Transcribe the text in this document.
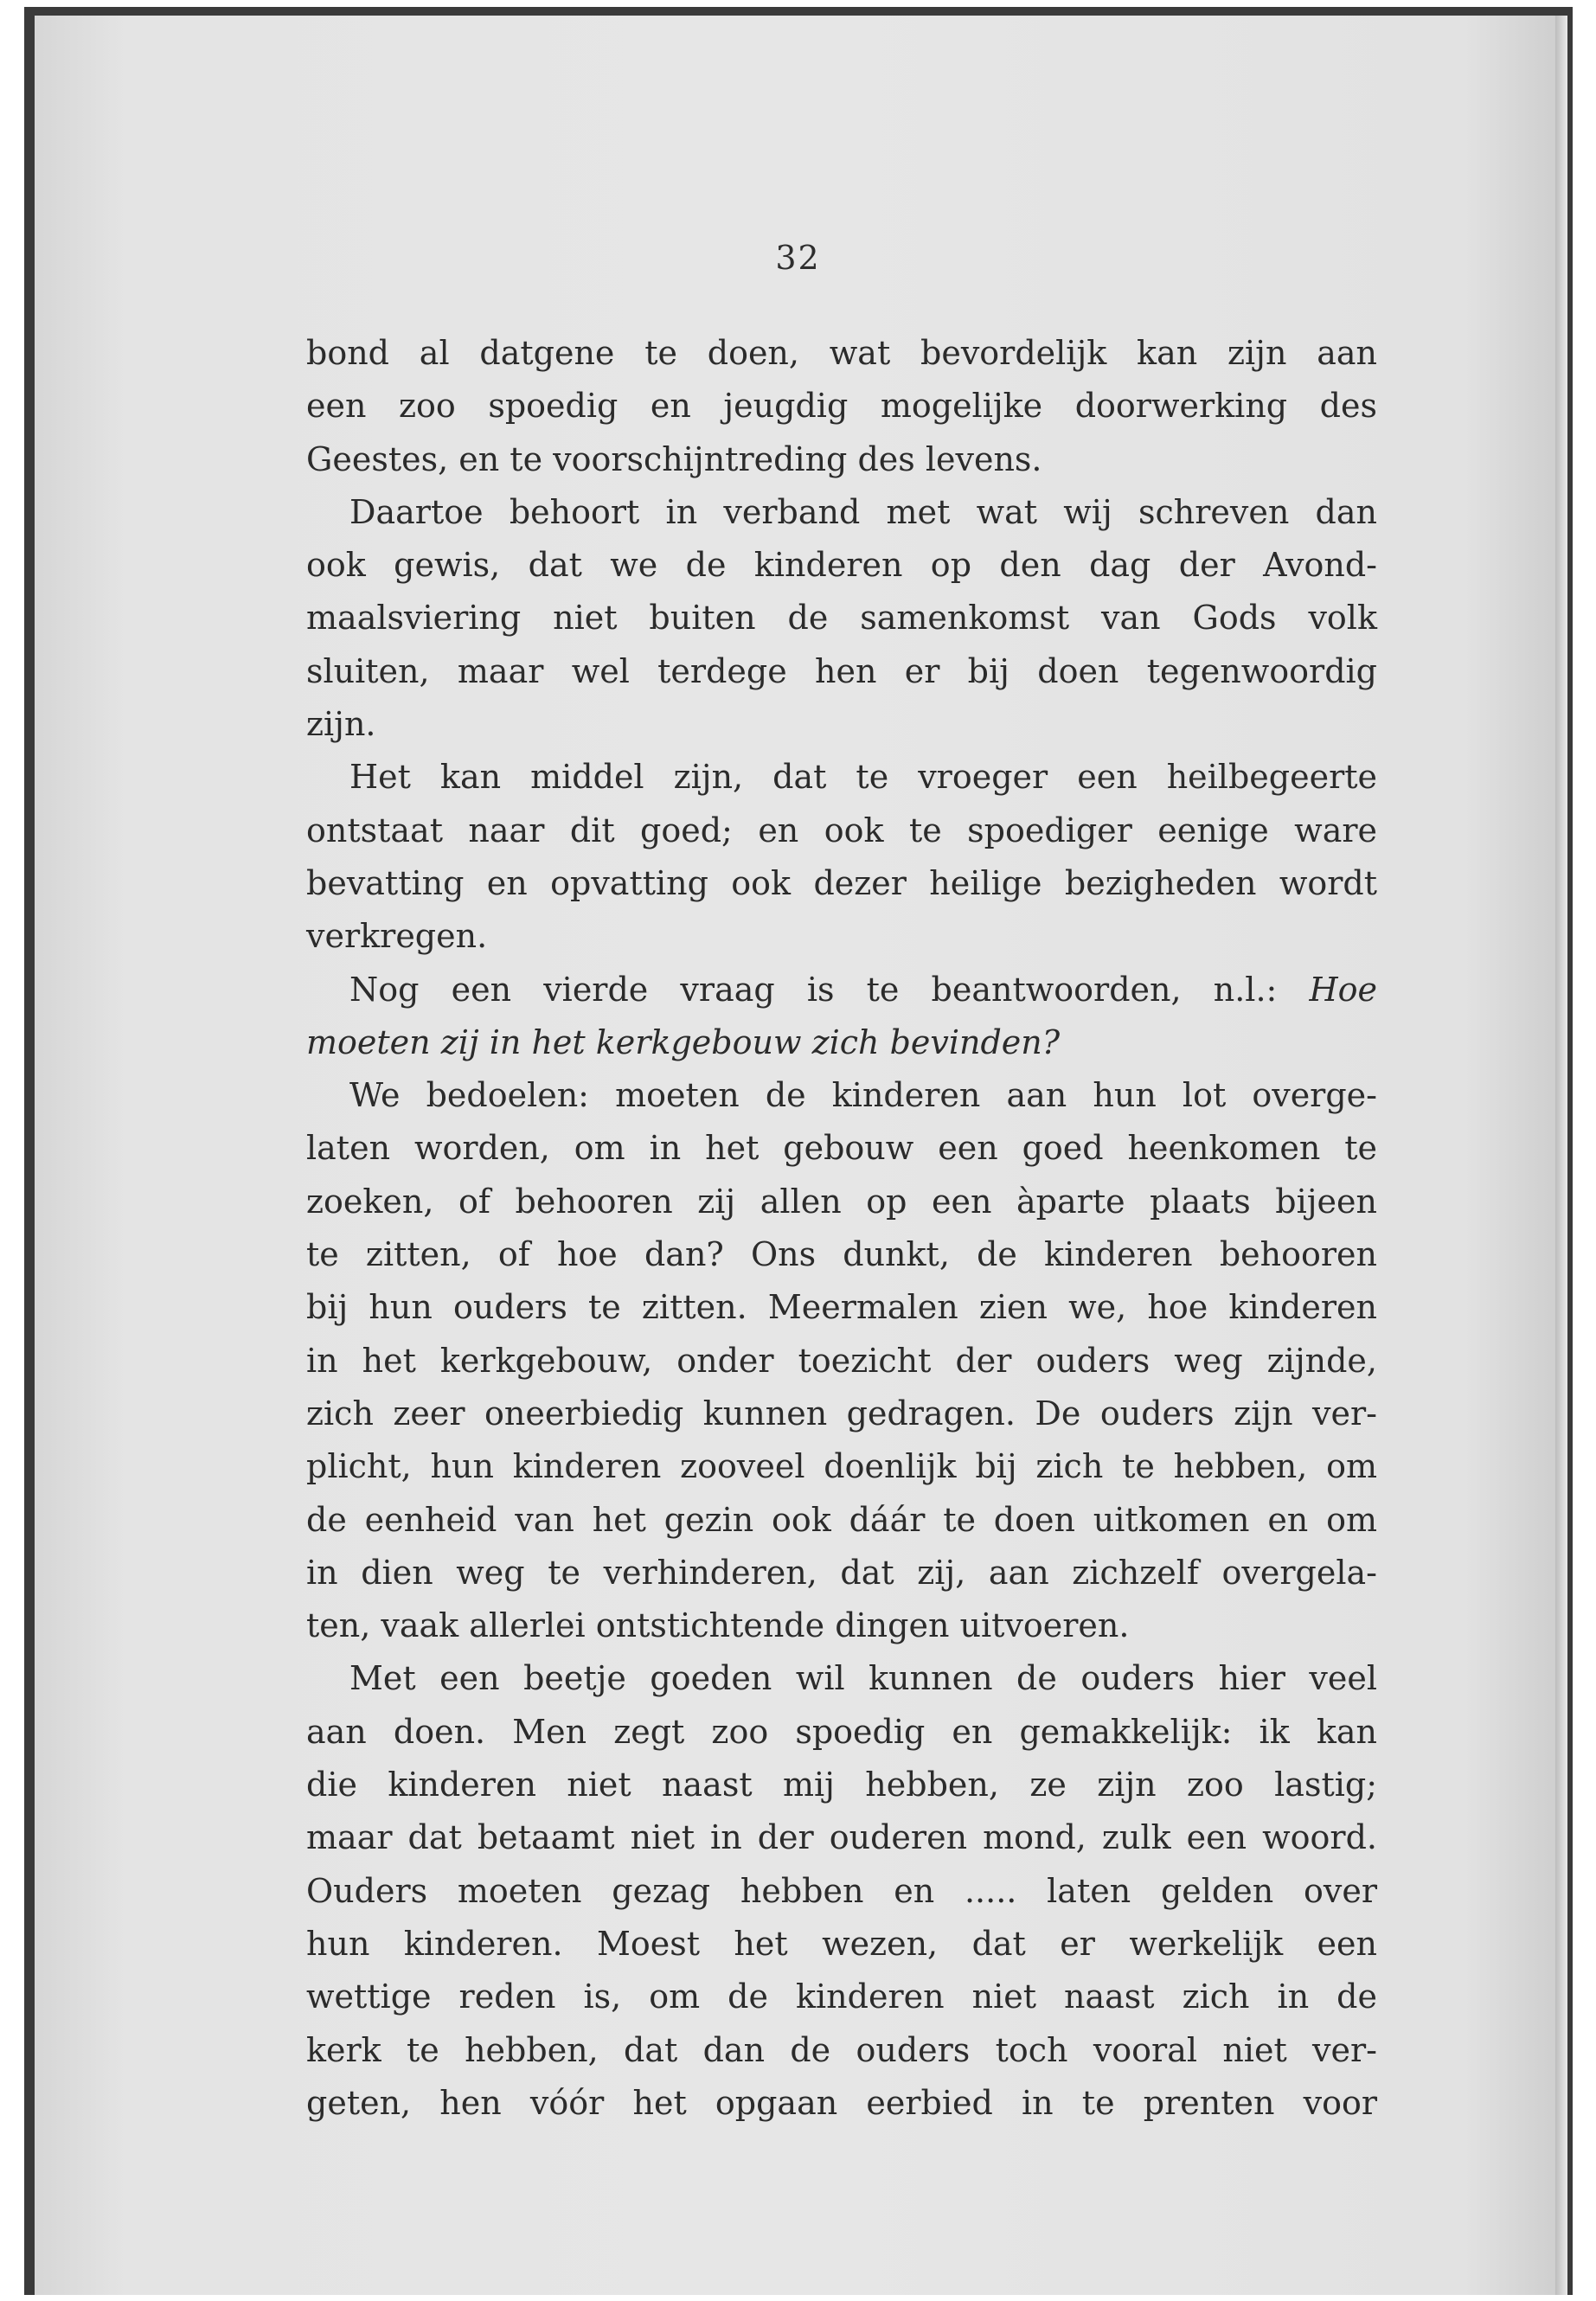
32
bond al datgene te doen, wat bevordelijk kan zijn aan
een zoo spoedig en jeugdig mogelijke doorwerking des
Geestes, en te voorschijntreding des levens.
Daartoe behoort in verband met wat wij schreven dan
ook gewis, dat we de kinderen op den dag der Avond-
maalsviering niet buiten de samenkomst van Gods volk
sluiten, maar wel terdege hen er bij doen tegenwoordig
zijn.
Het kan middel zijn, dat te vroeger een heilbegeerte
ontstaat naar dit goed; en ook te spoediger eenige ware
bevatting en opvatting ook dezer heilige bezigheden wordt
verkregen.
Nog een vierde vraag is te beantwoorden, n.l.: Hoe
moeten zij in het kerkgebouw zich bevinden?
We bedoelen: moeten de kinderen aan hun lot overge-
laten worden, om in het gebouw een goed heenkomen te
zoeken, of behooren zij allen op een àparte plaats bijeen
te zitten, of hoe dan? Ons dunkt, de kinderen behooren
bij hun ouders te zitten. Meermalen zien we, hoe kinderen
in het kerkgebouw, onder toezicht der ouders weg zijnde,
zich zeer oneerbiedig kunnen gedragen. De ouders zijn ver-
plicht, hun kinderen zooveel doenlijk bij zich te hebben, om
de eenheid van het gezin ook dáár te doen uitkomen en om
in dien weg te verhinderen, dat zij, aan zichzelf overgela-
ten, vaak allerlei ontstichtende dingen uitvoeren.
Met een beetje goeden wil kunnen de ouders hier veel
aan doen. Men zegt zoo spoedig en gemakkelijk: ik kan
die kinderen niet naast mij hebben, ze zijn zoo lastig;
maar dat betaamt niet in der ouderen mond, zulk een woord.
Ouders moeten gezag hebben en ..... laten gelden over
hun kinderen. Moest het wezen, dat er werkelijk een
wettige reden is, om de kinderen niet naast zich in de
kerk te hebben, dat dan de ouders toch vooral niet ver-
geten, hen vóór het opgaan eerbied in te prenten voor
